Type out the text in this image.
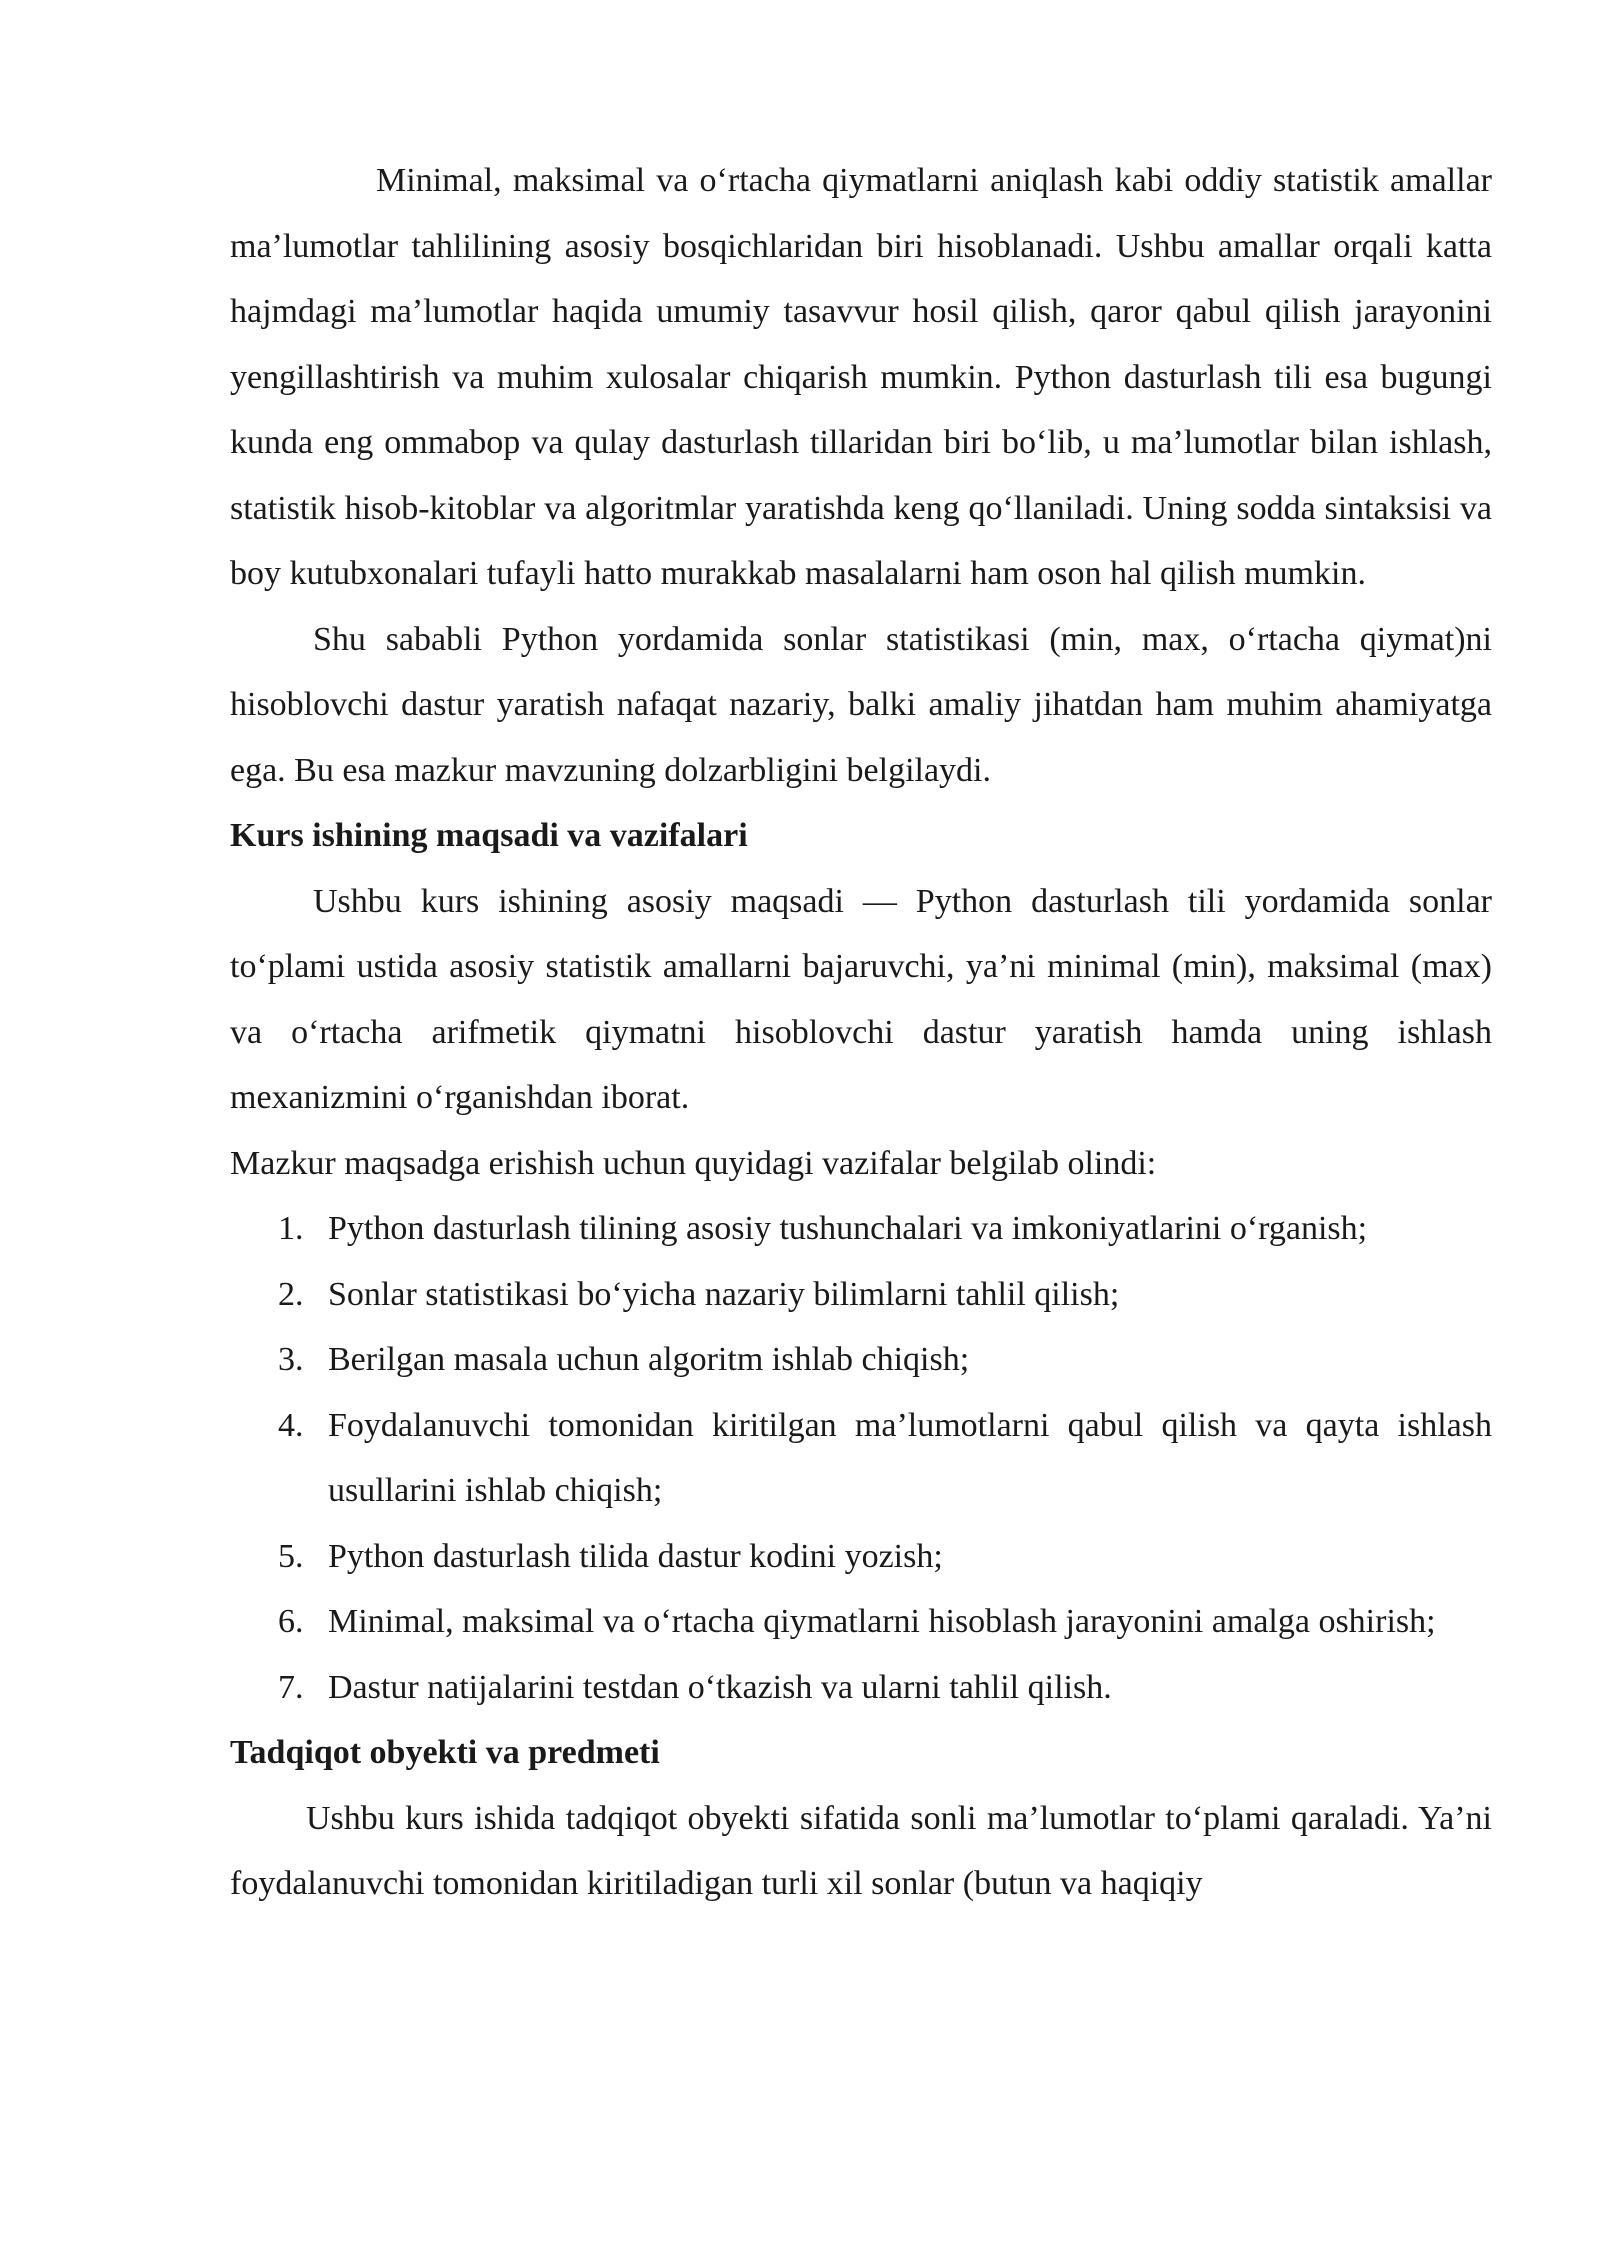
Minimal, maksimal va o‘rtacha qiymatlarni aniqlash kabi oddiy statistik amallar ma’lumotlar tahlilining asosiy bosqichlaridan biri hisoblanadi. Ushbu amallar orqali katta hajmdagi ma’lumotlar haqida umumiy tasavvur hosil qilish, qaror qabul qilish jarayonini yengillashtirish va muhim xulosalar chiqarish mumkin. Python dasturlash tili esa bugungi kunda eng ommabop va qulay dasturlash tillaridan biri bo‘lib, u ma’lumotlar bilan ishlash, statistik hisob-kitoblar va algoritmlar yaratishda keng qo‘llaniladi. Uning sodda sintaksisi va boy kutubxonalari tufayli hatto murakkab masalalarni ham oson hal qilish mumkin.

Shu sababli Python yordamida sonlar statistikasi (min, max, o‘rtacha qiymat)ni hisoblovchi dastur yaratish nafaqat nazariy, balki amaliy jihatdan ham muhim ahamiyatga ega. Bu esa mazkur mavzuning dolzarbligini belgilaydi.

Kurs ishining maqsadi va vazifalari

Ushbu kurs ishining asosiy maqsadi — Python dasturlash tili yordamida sonlar to‘plami ustida asosiy statistik amallarni bajaruvchi, ya’ni minimal (min), maksimal (max) va o‘rtacha arifmetik qiymatni hisoblovchi dastur yaratish hamda uning ishlash mexanizmini o‘rganishdan iborat.

Mazkur maqsadga erishish uchun quyidagi vazifalar belgilab olindi:

1. Python dasturlash tilining asosiy tushunchalari va imkoniyatlarini o‘rganish;
2. Sonlar statistikasi bo‘yicha nazariy bilimlarni tahlil qilish;
3. Berilgan masala uchun algoritm ishlab chiqish;
4. Foydalanuvchi tomonidan kiritilgan ma’lumotlarni qabul qilish va qayta ishlash usullarini ishlab chiqish;
5. Python dasturlash tilida dastur kodini yozish;
6. Minimal, maksimal va o‘rtacha qiymatlarni hisoblash jarayonini amalga oshirish;
7. Dastur natijalarini testdan o‘tkazish va ularni tahlil qilish.
Tadqiqot obyekti va predmeti

Ushbu kurs ishida tadqiqot obyekti sifatida sonli ma’lumotlar to‘plami qaraladi. Ya’ni foydalanuvchi tomonidan kiritiladigan turli xil sonlar (butun va haqiqiy
